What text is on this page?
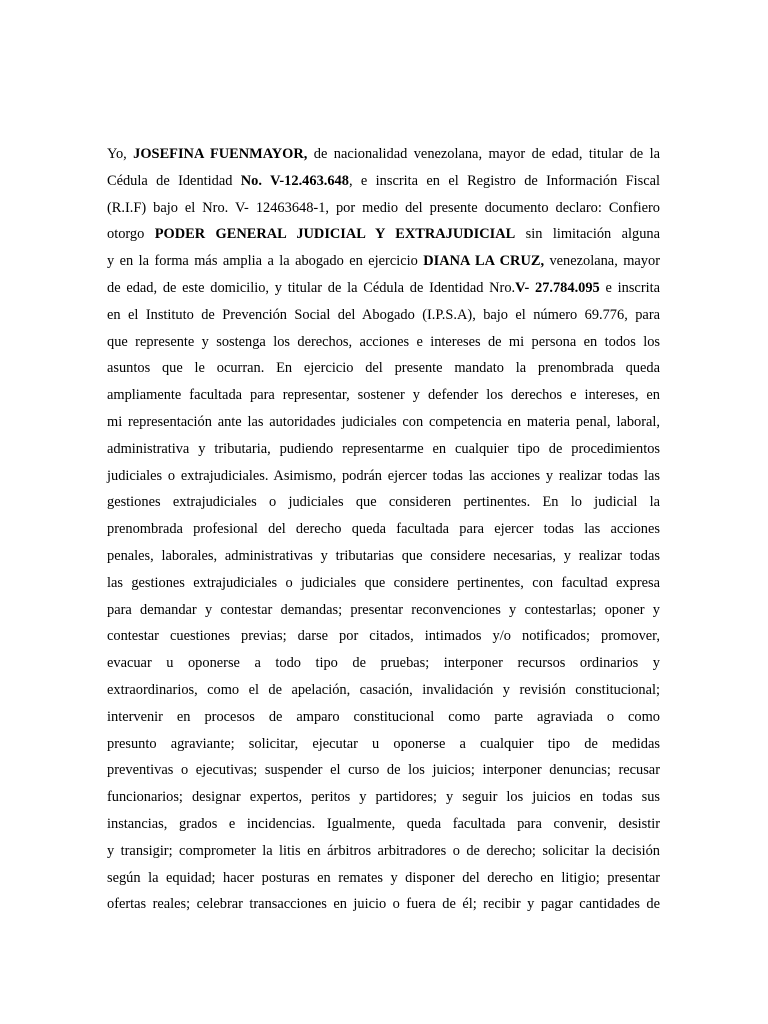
Yo, JOSEFINA FUENMAYOR, de nacionalidad venezolana, mayor de edad, titular de la
Cédula de Identidad No. V-12.463.648, e inscrita en el Registro de Información Fiscal
(R.I.F) bajo el Nro. V- 12463648-1, por medio del presente documento declaro: Confiero
otorgo PODER GENERAL JUDICIAL Y EXTRAJUDICIAL sin limitación alguna
y en la forma más amplia a la abogado en ejercicio DIANA LA CRUZ, venezolana, mayor
de edad, de este domicilio, y titular de la Cédula de Identidad Nro.V- 27.784.095 e inscrita
en el Instituto de Prevención Social del Abogado (I.P.S.A), bajo el número 69.776, para
que represente y sostenga los derechos, acciones e intereses de mi persona en todos los
asuntos que le ocurran. En ejercicio del presente mandato la prenombrada queda
ampliamente facultada para representar, sostener y defender los derechos e intereses, en
mi representación ante las autoridades judiciales con competencia en materia penal, laboral,
administrativa y tributaria, pudiendo representarme en cualquier tipo de procedimientos
judiciales o extrajudiciales. Asimismo, podrán ejercer todas las acciones y realizar todas las
gestiones extrajudiciales o judiciales que consideren pertinentes. En lo judicial la
prenombrada profesional del derecho queda facultada para ejercer todas las acciones
penales, laborales, administrativas y tributarias que considere necesarias, y realizar todas
las gestiones extrajudiciales o judiciales que considere pertinentes, con facultad expresa
para demandar y contestar demandas; presentar reconvenciones y contestarlas; oponer y
contestar cuestiones previas; darse por citados, intimados y/o notificados; promover,
evacuar u oponerse a todo tipo de pruebas; interponer recursos ordinarios y
extraordinarios, como el de apelación, casación, invalidación y revisión constitucional;
intervenir en procesos de amparo constitucional como parte agraviada o como
presunto agraviante; solicitar, ejecutar u oponerse a cualquier tipo de medidas
preventivas o ejecutivas; suspender el curso de los juicios; interponer denuncias; recusar
funcionarios; designar expertos, peritos y partidores; y seguir los juicios en todas sus
instancias, grados e incidencias. Igualmente, queda facultada para convenir, desistir
y transigir; comprometer la litis en árbitros arbitradores o de derecho; solicitar la decisión
según la equidad; hacer posturas en remates y disponer del derecho en litigio; presentar
ofertas reales; celebrar transacciones en juicio o fuera de él; recibir y pagar cantidades de
